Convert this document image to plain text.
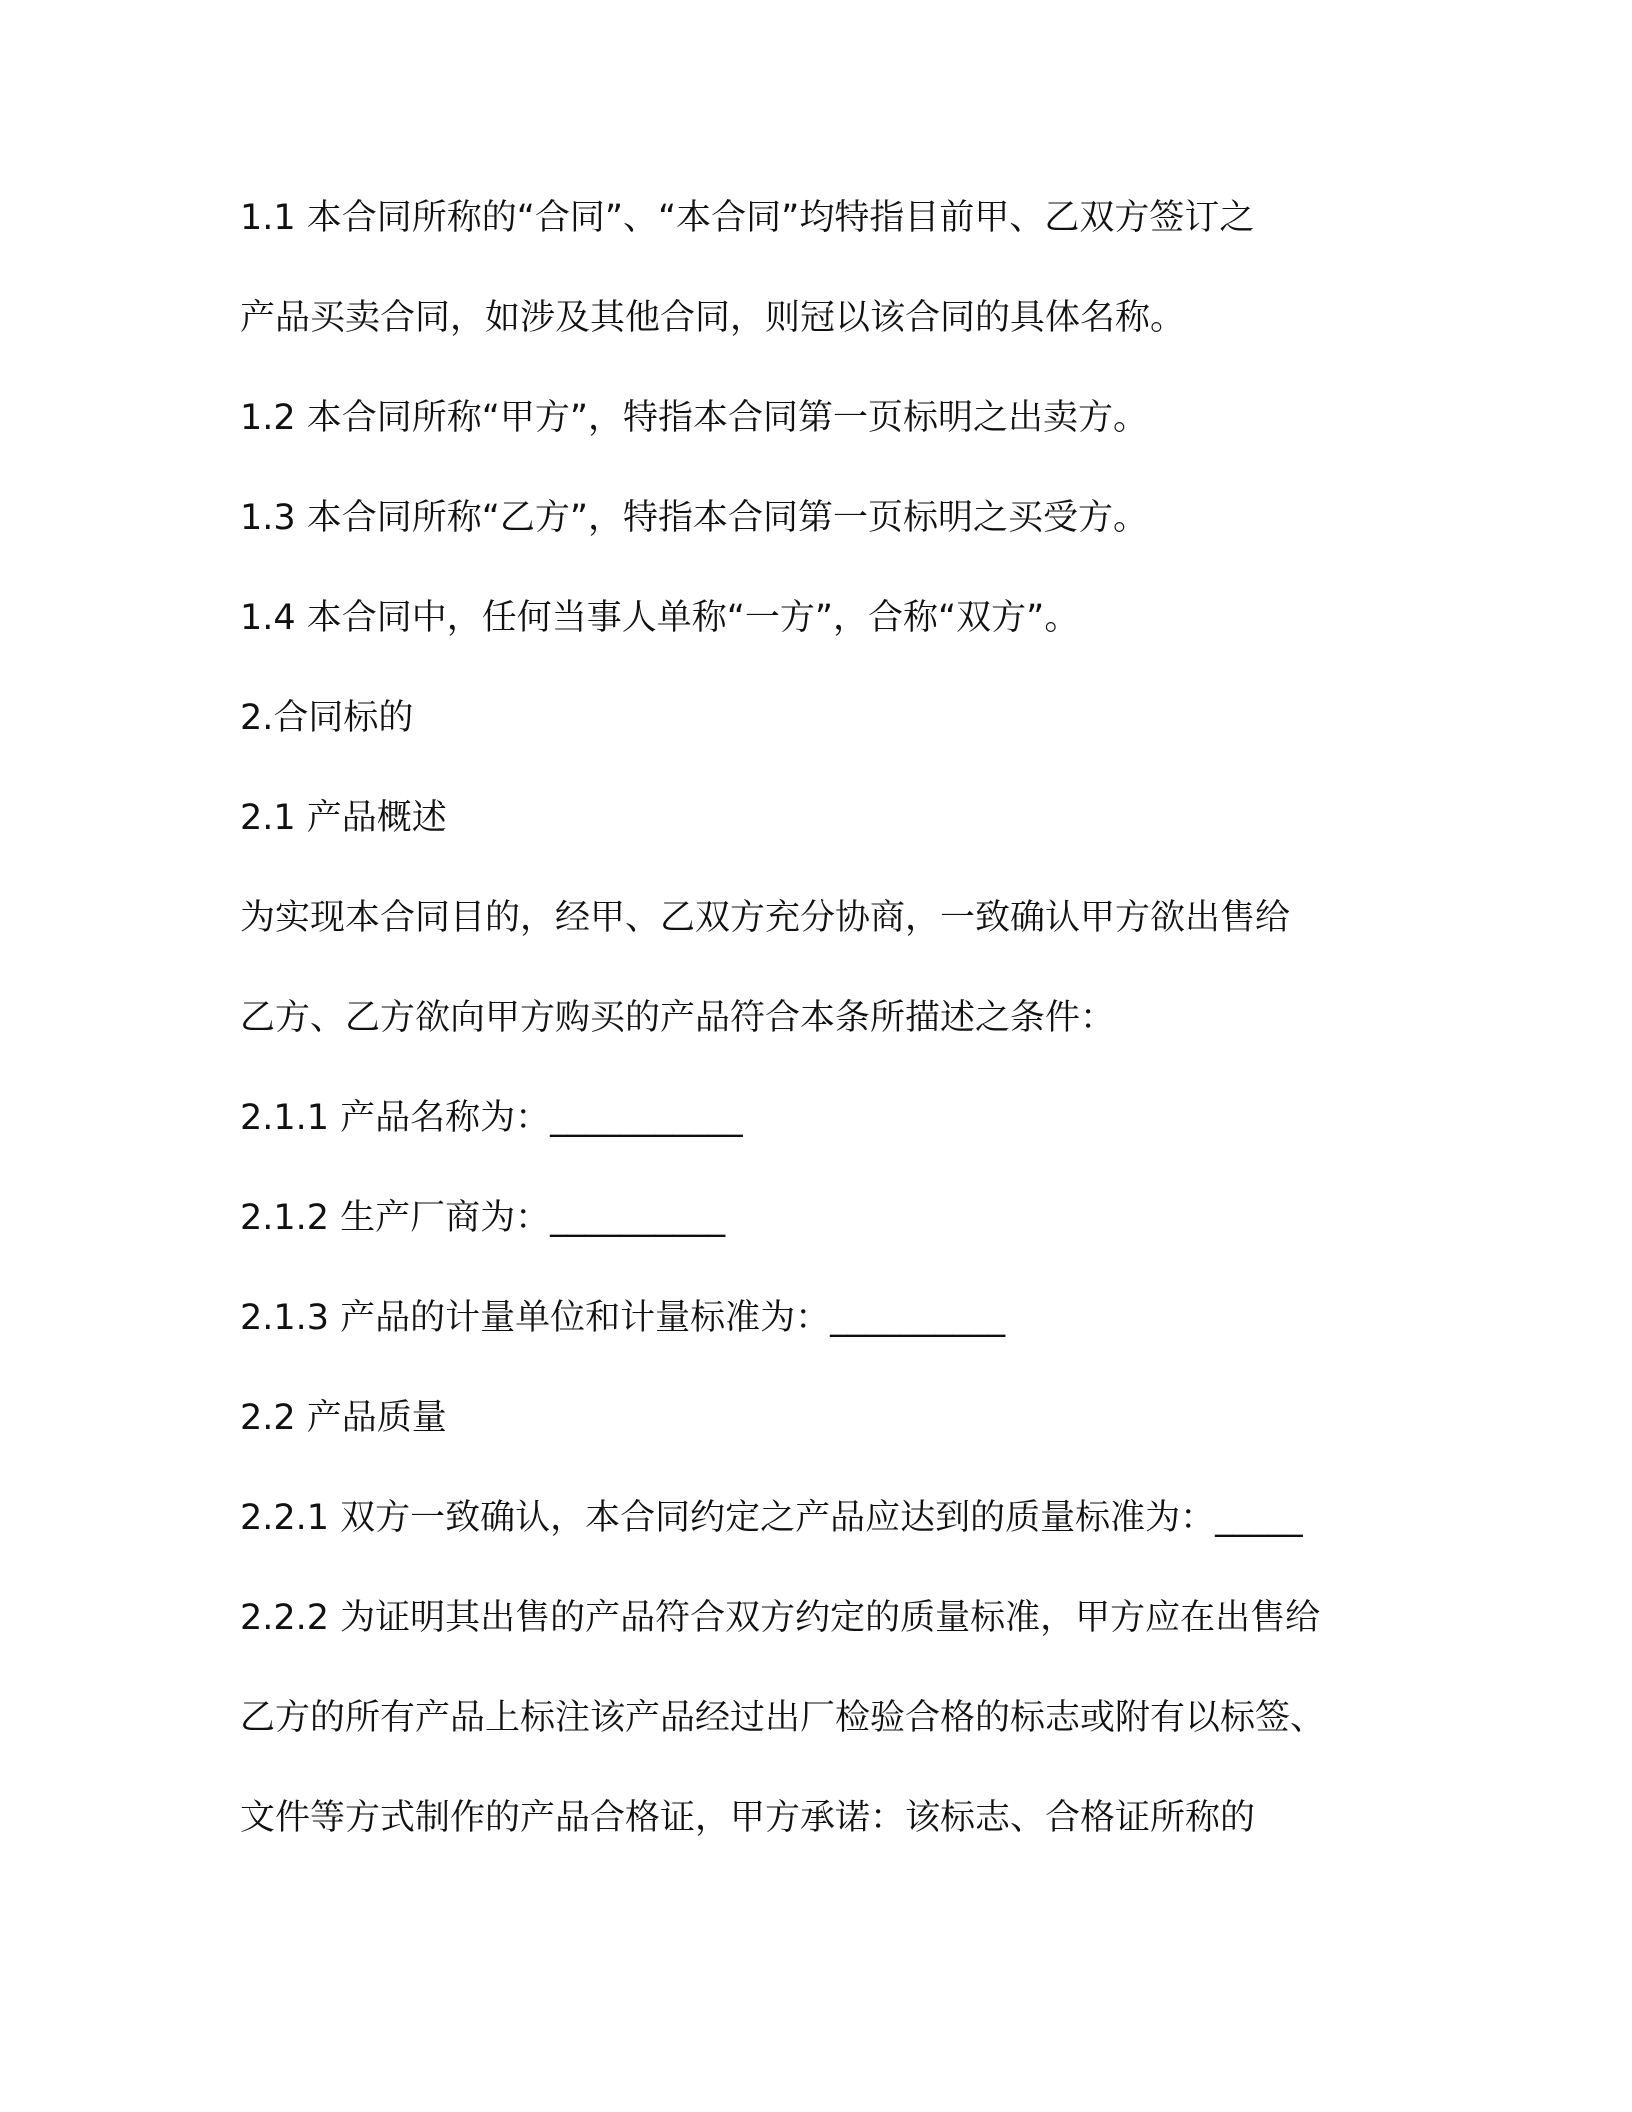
1.1 本合同所称的“合同”、“本合同”均特指目前甲、乙双方签订之
产品买卖合同，如涉及其他合同，则冠以该合同的具体名称。
1.2 本合同所称“甲方”，特指本合同第一页标明之出卖方。
1.3 本合同所称“乙方”，特指本合同第一页标明之买受方。
1.4 本合同中，任何当事人单称“一方”，合称“双方”。
2.合同标的
2.1 产品概述
为实现本合同目的，经甲、乙双方充分协商，一致确认甲方欲出售给
乙方、乙方欲向甲方购买的产品符合本条所描述之条件：
2.1.1 产品名称为：___________
2.1.2 生产厂商为：__________
2.1.3 产品的计量单位和计量标准为：__________
2.2 产品质量
2.2.1 双方一致确认，本合同约定之产品应达到的质量标准为：_____
2.2.2 为证明其出售的产品符合双方约定的质量标准，甲方应在出售给
乙方的所有产品上标注该产品经过出厂检验合格的标志或附有以标签、
文件等方式制作的产品合格证，甲方承诺：该标志、合格证所称的
